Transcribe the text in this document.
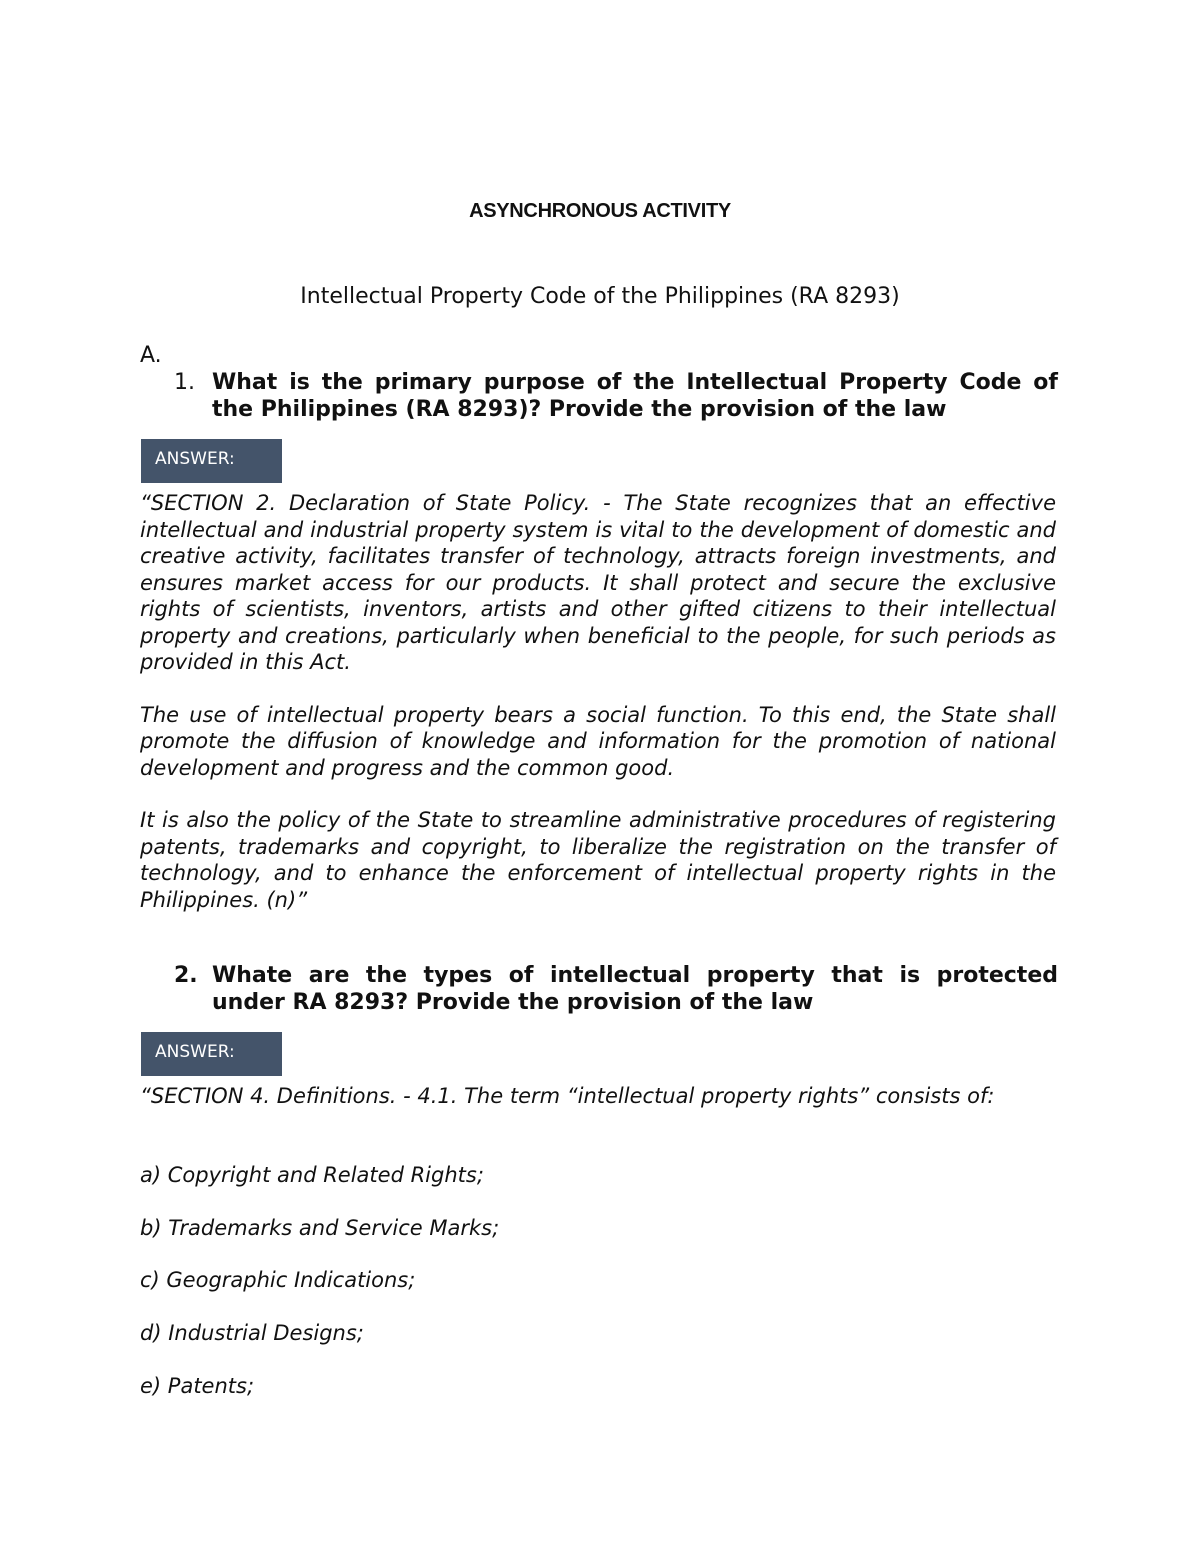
ASYNCHRONOUS ACTIVITY
Intellectual Property Code of the Philippines (RA 8293)
A.
1. What is the primary purpose of the Intellectual Property Code of the Philippines (RA 8293)? Provide the provision of the law
ANSWER:

“SECTION 2. Declaration of State Policy. - The State recognizes that an effective intellectual and industrial property system is vital to the development of domestic and creative activity, facilitates transfer of technology, attracts foreign investments, and ensures market access for our products. It shall protect and secure the exclusive rights of scientists, inventors, artists and other gifted citizens to their intellectual property and creations, particularly when beneficial to the people, for such periods as provided in this Act.

The use of intellectual property bears a social function. To this end, the State shall promote the diffusion of knowledge and information for the promotion of national development and progress and the common good.

It is also the policy of the State to streamline administrative procedures of registering patents, trademarks and copyright, to liberalize the registration on the transfer of technology, and to enhance the enforcement of intellectual property rights in the Philippines. (n)”

2. Whate are the types of intellectual property that is protected under RA 8293? Provide the provision of the law
ANSWER:

“SECTION 4. Definitions. - 4.1. The term “intellectual property rights” consists of:

a) Copyright and Related Rights;
b) Trademarks and Service Marks;
c) Geographic Indications;
d) Industrial Designs;
e) Patents;
